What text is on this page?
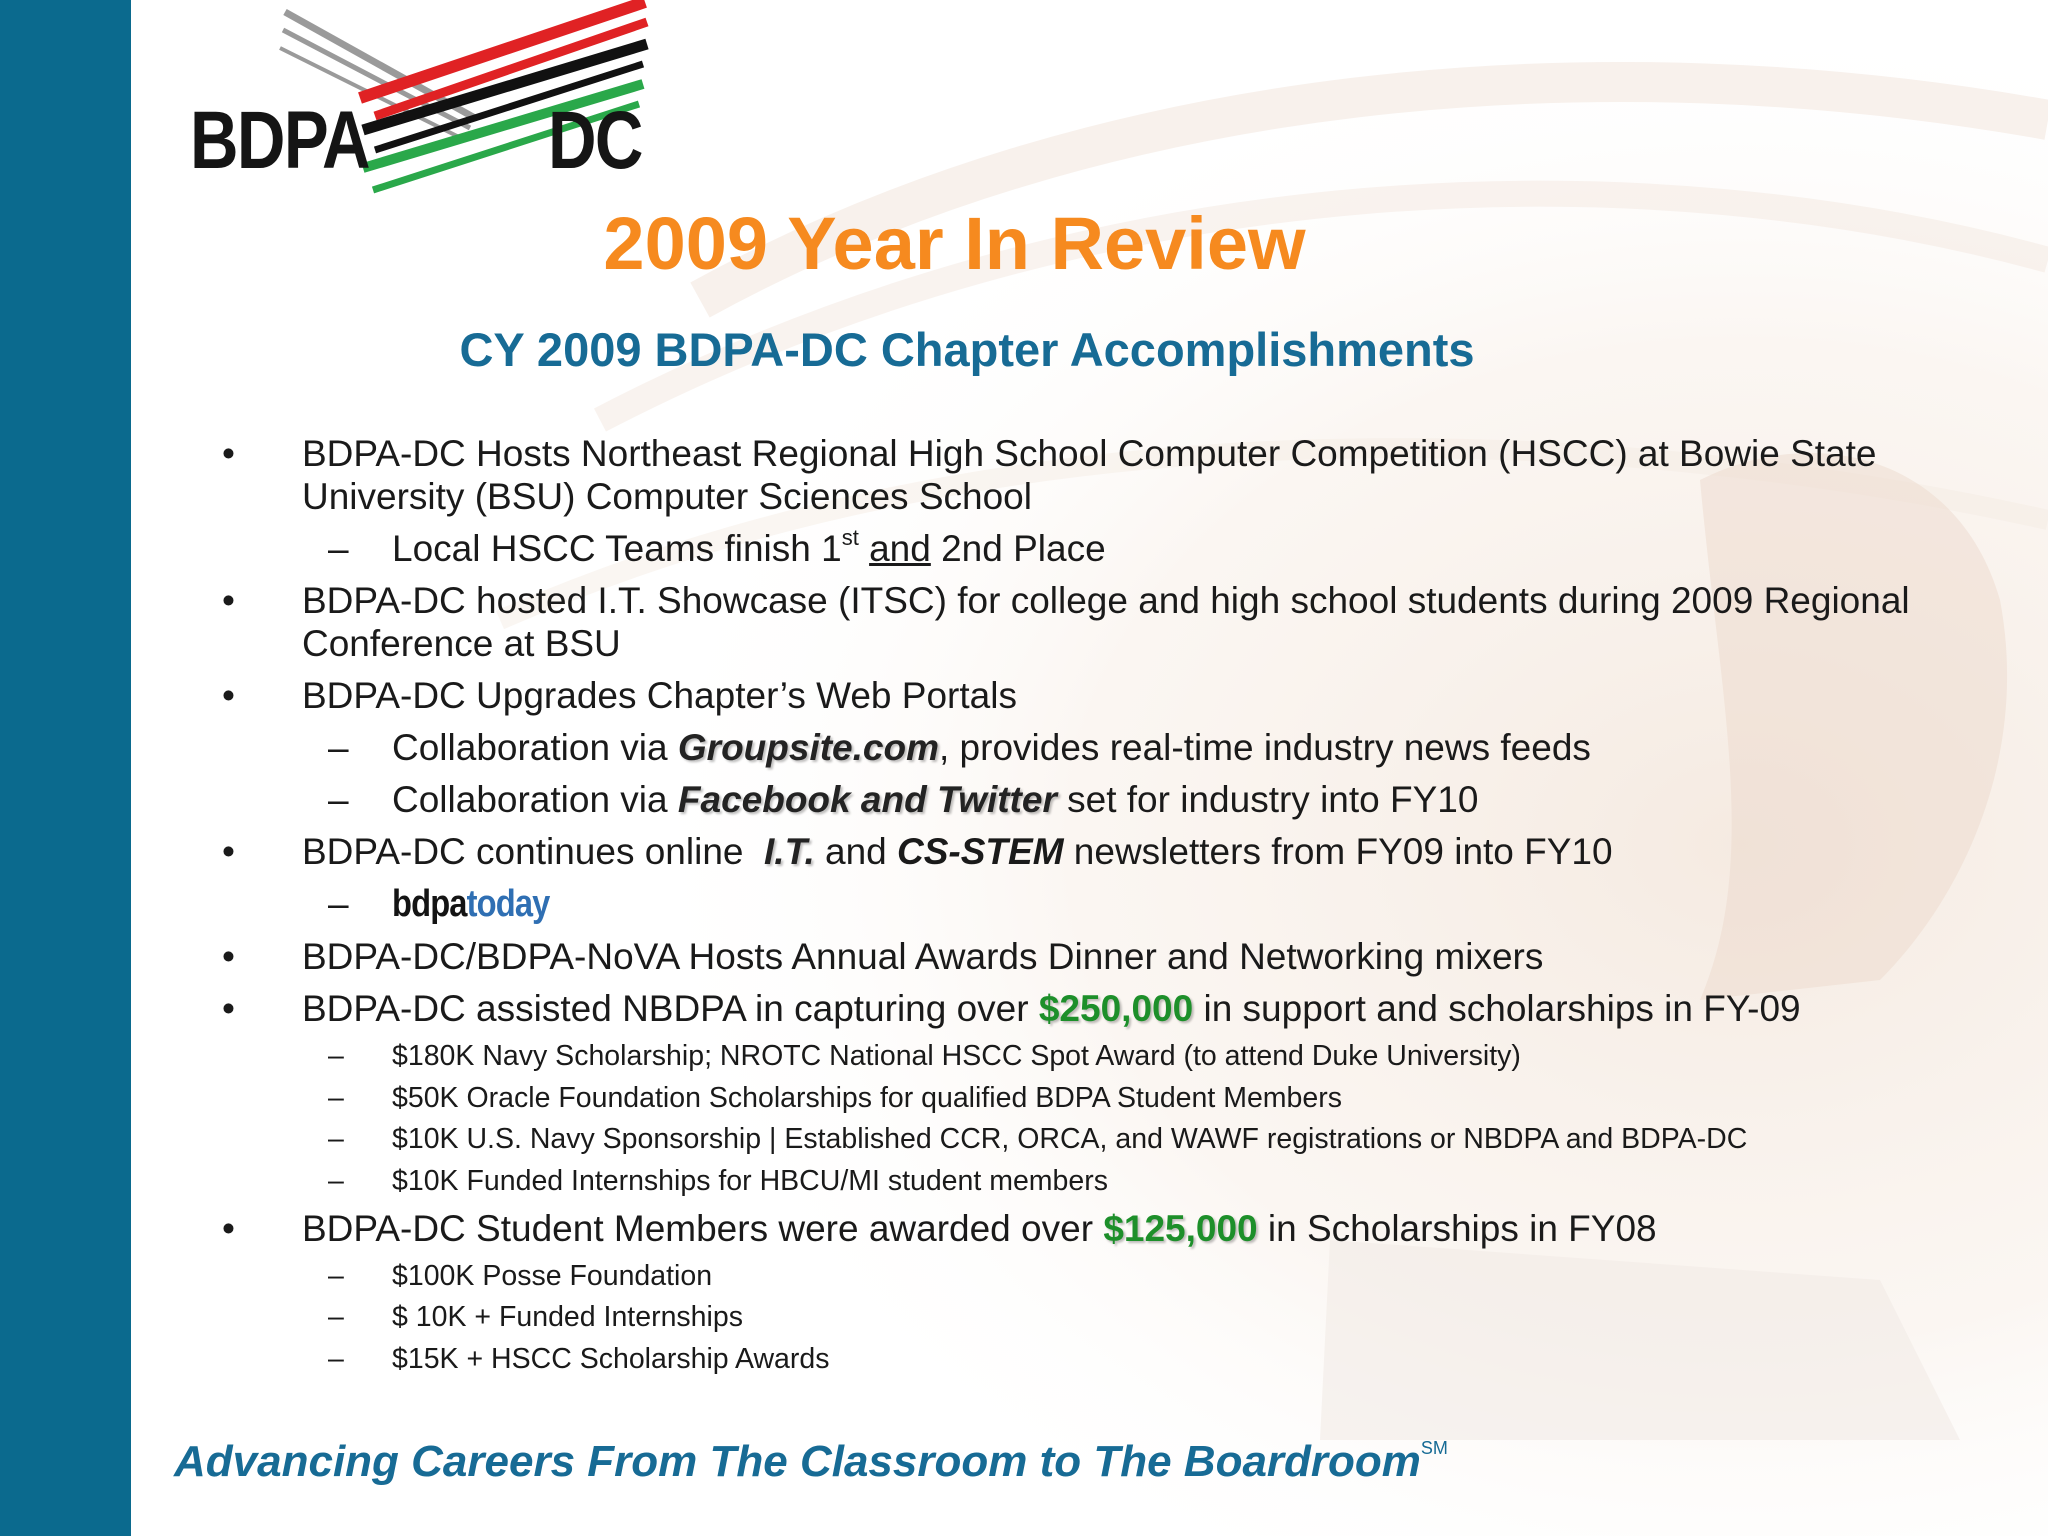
BDPA DC
2009 Year In Review
CY 2009 BDPA-DC Chapter Accomplishments
• BDPA-DC Hosts Northeast Regional High School Computer Competition (HSCC) at Bowie State University (BSU) Computer Sciences School
– Local HSCC Teams finish 1st and 2nd Place
• BDPA-DC hosted I.T. Showcase (ITSC) for college and high school students during 2009 Regional Conference at BSU
• BDPA-DC Upgrades Chapter’s Web Portals
– Collaboration via Groupsite.com, provides real-time industry news feeds
– Collaboration via Facebook and Twitter set for industry into FY10
• BDPA-DC continues online  I.T. and CS-STEM newsletters from FY09 into FY10
– bdpatoday
• BDPA-DC/BDPA-NoVA Hosts Annual Awards Dinner and Networking mixers
• BDPA-DC assisted NBDPA in capturing over $250,000 in support and scholarships in FY-09
– $180K Navy Scholarship; NROTC National HSCC Spot Award (to attend Duke University)
– $50K Oracle Foundation Scholarships for qualified BDPA Student Members
– $10K U.S. Navy Sponsorship | Established CCR, ORCA, and WAWF registrations or NBDPA and BDPA-DC
– $10K Funded Internships for HBCU/MI student members
• BDPA-DC Student Members were awarded over $125,000 in Scholarships in FY08
– $100K Posse Foundation
– $ 10K + Funded Internships
– $15K + HSCC Scholarship Awards

Advancing Careers From The Classroom to The Boardroom℠
